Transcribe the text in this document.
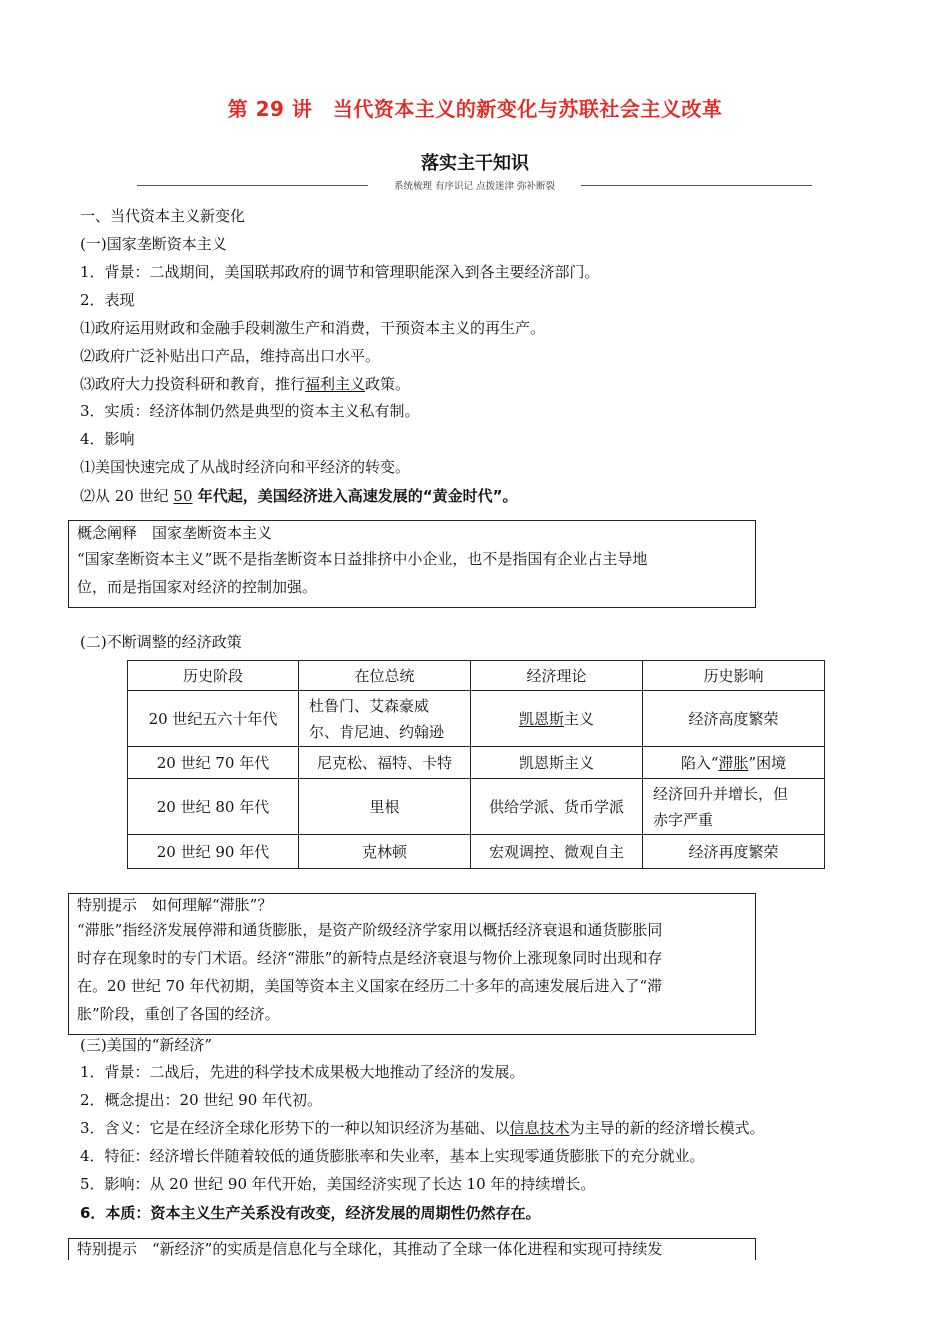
第 29 讲　当代资本主义的新变化与苏联社会主义改革
落实主干知识
系统梳理 有序识记 点拨迷津 弥补断裂
一、当代资本主义新变化
(一)国家垄断资本主义
1．背景：二战期间，美国联邦政府的调节和管理职能深入到各主要经济部门。
2．表现
⑴政府运用财政和金融手段刺激生产和消费，干预资本主义的再生产。
⑵政府广泛补贴出口产品，维持高出口水平。
⑶政府大力投资科研和教育，推行福利主义政策。
3．实质：经济体制仍然是典型的资本主义私有制。
4．影响
⑴美国快速完成了从战时经济向和平经济的转变。
⑵从 20 世纪 50 年代起，美国经济进入高速发展的“黄金时代”。

概念阐释　国家垄断资本主义

“国家垄断资本主义”既不是指垄断资本日益排挤中小企业，也不是指国有企业占主导地

位，而是指国家对经济的控制加强。

(二)不断调整的经济政策
历史阶段	在位总统	经济理论	历史影响
20 世纪五六十年代	杜鲁门、艾森豪威
尔、肯尼迪、约翰逊	凯恩斯主义	经济高度繁荣
20 世纪 70 年代	尼克松、福特、卡特	凯恩斯主义	陷入“滞胀”困境
20 世纪 80 年代	里根	供给学派、货币学派	经济回升并增长，但
赤字严重
20 世纪 90 年代	克林顿	宏观调控、微观自主	经济再度繁荣

特别提示　如何理解“滞胀”？

“滞胀”指经济发展停滞和通货膨胀，是资产阶级经济学家用以概括经济衰退和通货膨胀同

时存在现象时的专门术语。经济“滞胀”的新特点是经济衰退与物价上涨现象同时出现和存

在。20 世纪 70 年代初期，美国等资本主义国家在经历二十多年的高速发展后进入了“滞

胀”阶段，重创了各国的经济。

(三)美国的“新经济”
1．背景：二战后，先进的科学技术成果极大地推动了经济的发展。
2．概念提出：20 世纪 90 年代初。
3．含义：它是在经济全球化形势下的一种以知识经济为基础、以信息技术为主导的新的经济增长模式。
4．特征：经济增长伴随着较低的通货膨胀率和失业率，基本上实现零通货膨胀下的充分就业。
5．影响：从 20 世纪 90 年代开始，美国经济实现了长达 10 年的持续增长。
6．本质：资本主义生产关系没有改变，经济发展的周期性仍然存在。

特别提示　“新经济”的实质是信息化与全球化，其推动了全球一体化进程和实现可持续发
